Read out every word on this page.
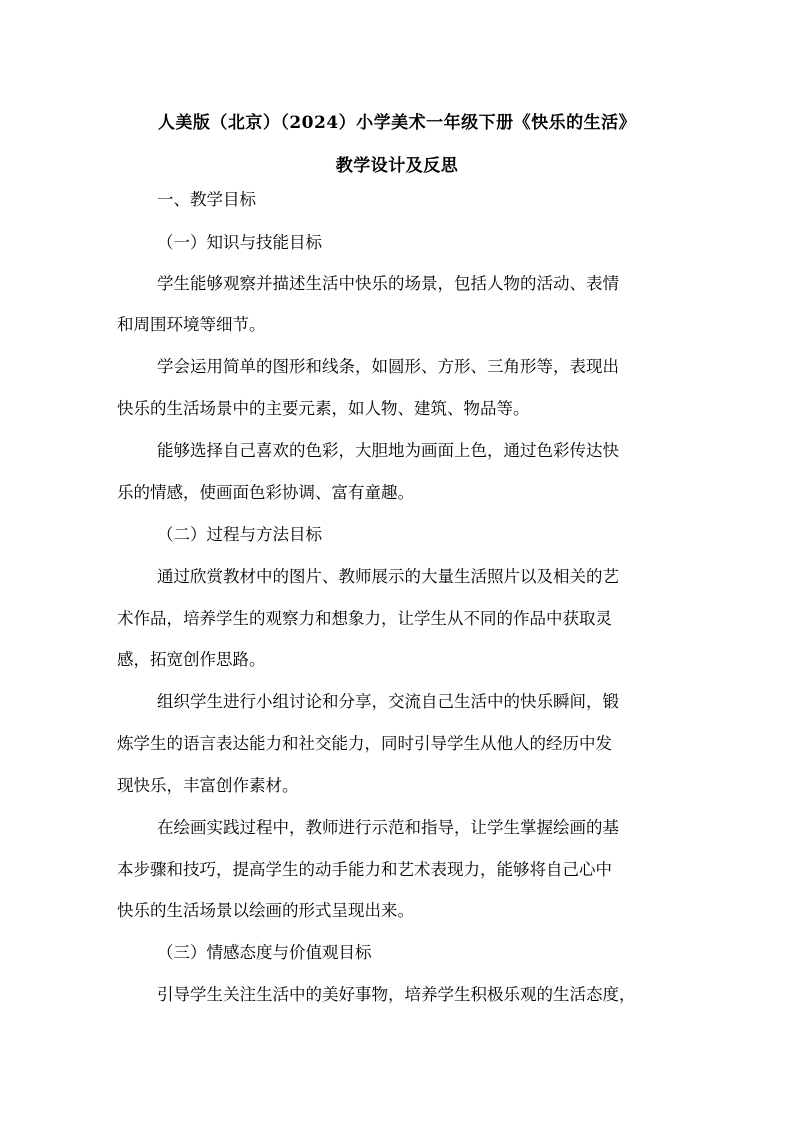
人美版（北京）（2024）小学美术一年级下册《快乐的生活》
教学设计及反思
一、教学目标
（一）知识与技能目标
学生能够观察并描述生活中快乐的场景，包括人物的活动、表情
和周围环境等细节。
学会运用简单的图形和线条，如圆形、方形、三角形等，表现出
快乐的生活场景中的主要元素，如人物、建筑、物品等。
能够选择自己喜欢的色彩，大胆地为画面上色，通过色彩传达快
乐的情感，使画面色彩协调、富有童趣。
（二）过程与方法目标
通过欣赏教材中的图片、教师展示的大量生活照片以及相关的艺
术作品，培养学生的观察力和想象力，让学生从不同的作品中获取灵
感，拓宽创作思路。
组织学生进行小组讨论和分享，交流自己生活中的快乐瞬间，锻
炼学生的语言表达能力和社交能力，同时引导学生从他人的经历中发
现快乐，丰富创作素材。
在绘画实践过程中，教师进行示范和指导，让学生掌握绘画的基
本步骤和技巧，提高学生的动手能力和艺术表现力，能够将自己心中
快乐的生活场景以绘画的形式呈现出来。
（三）情感态度与价值观目标
引导学生关注生活中的美好事物，培养学生积极乐观的生活态度，
